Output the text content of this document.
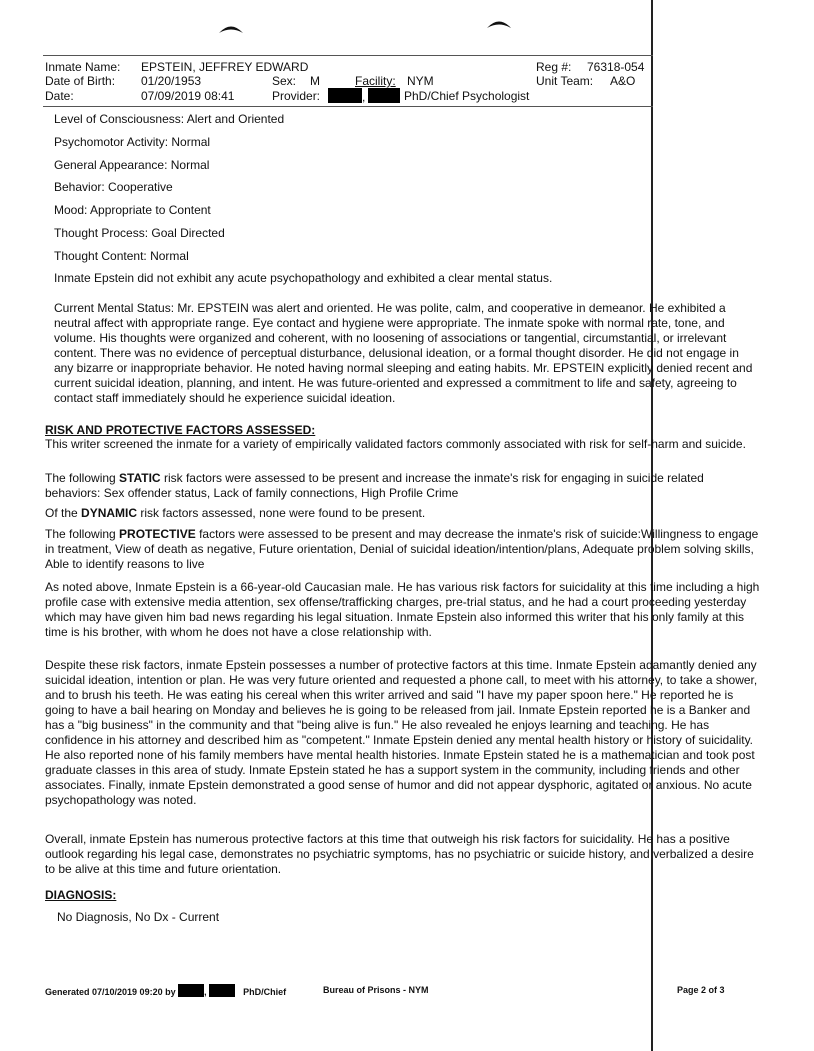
Inmate Name: EPSTEIN, JEFFREY EDWARD	Reg #: 76318-054
Date of Birth: 01/20/1953	Sex: M	Facility: NYM	Unit Team: A&O
Date:	07/09/2019 08:41	Provider:	,	PhD/Chief Psychologist
Level of Consciousness: Alert and Oriented
Psychomotor Activity: Normal
General Appearance: Normal
Behavior: Cooperative
Mood: Appropriate to Content
Thought Process: Goal Directed
Thought Content: Normal
Inmate Epstein did not exhibit any acute psychopathology and exhibited a clear mental status.
Current Mental Status: Mr. EPSTEIN was alert and oriented. He was polite, calm, and cooperative in demeanor. He exhibited a neutral affect with appropriate range. Eye contact and hygiene were appropriate. The inmate spoke with normal rate, tone, and volume. His thoughts were organized and coherent, with no loosening of associations or tangential, circumstantial, or irrelevant content. There was no evidence of perceptual disturbance, delusional ideation, or a formal thought disorder. He did not engage in any bizarre or inappropriate behavior. He noted having normal sleeping and eating habits. Mr. EPSTEIN explicitly denied recent and current suicidal ideation, planning, and intent. He was future-oriented and expressed a commitment to life and safety, agreeing to contact staff immediately should he experience suicidal ideation.
RISK AND PROTECTIVE FACTORS ASSESSED:
This writer screened the inmate for a variety of empirically validated factors commonly associated with risk for self-harm and suicide.
The following STATIC risk factors were assessed to be present and increase the inmate's risk for engaging in suicide related behaviors: Sex offender status, Lack of family connections, High Profile Crime
Of the DYNAMIC risk factors assessed, none were found to be present.
The following PROTECTIVE factors were assessed to be present and may decrease the inmate's risk of suicide:Willingness to engage in treatment, View of death as negative, Future orientation, Denial of suicidal ideation/intention/plans, Adequate problem solving skills, Able to identify reasons to live
As noted above, Inmate Epstein is a 66-year-old Caucasian male. He has various risk factors for suicidality at this time including a high profile case with extensive media attention, sex offense/trafficking charges, pre-trial status, and he had a court proceeding yesterday which may have given him bad news regarding his legal situation. Inmate Epstein also informed this writer that his only family at this time is his brother, with whom he does not have a close relationship with.
Despite these risk factors, inmate Epstein possesses a number of protective factors at this time. Inmate Epstein adamantly denied any suicidal ideation, intention or plan. He was very future oriented and requested a phone call, to meet with his attorney, to take a shower, and to brush his teeth. He was eating his cereal when this writer arrived and said "I have my paper spoon here." He reported he is going to have a bail hearing on Monday and believes he is going to be released from jail. Inmate Epstein reported he is a Banker and has a "big business" in the community and that "being alive is fun." He also revealed he enjoys learning and teaching. He has confidence in his attorney and described him as "competent." Inmate Epstein denied any mental health history or history of suicidality. He also reported none of his family members have mental health histories. Inmate Epstein stated he is a mathematician and took post graduate classes in this area of study. Inmate Epstein stated he has a support system in the community, including friends and other associates. Finally, inmate Epstein demonstrated a good sense of humor and did not appear dysphoric, agitated or anxious. No acute psychopathology was noted.
Overall, inmate Epstein has numerous protective factors at this time that outweigh his risk factors for suicidality. He has a positive outlook regarding his legal case, demonstrates no psychiatric symptoms, has no psychiatric or suicide history, and verbalized a desire to be alive at this time and future orientation.
DIAGNOSIS:
No Diagnosis, No Dx - Current
Generated 07/10/2019 09:20 by	,	PhD/Chief	Bureau of Prisons - NYM	Page 2 of 3
